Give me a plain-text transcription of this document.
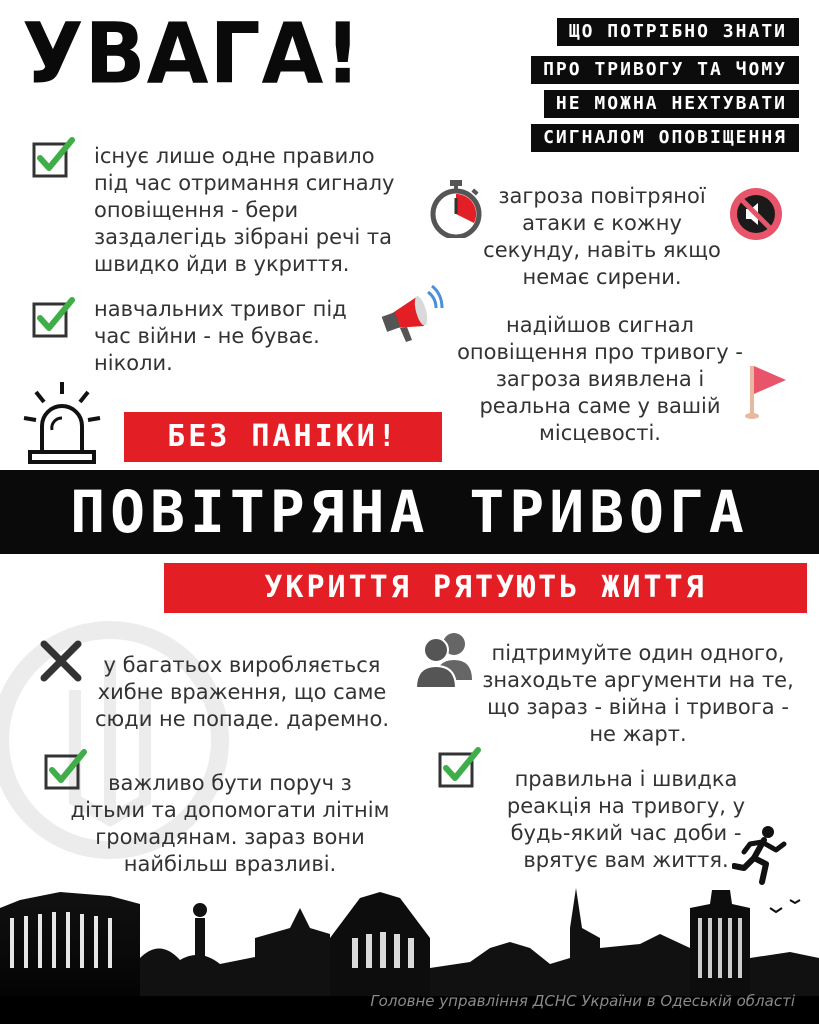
УВАГА!	ЩО ПОТРІБНО ЗНАТИ
ПРО ТРИВОГУ ТА ЧОМУ
НЕ МОЖНА НЕХТУВАТИ
СИГНАЛОМ ОПОВІЩЕННЯ
існує лише одне правило
під час отримання сигналу
оповіщення - бери
заздалегідь зібрані речі та
швидко йди в укриття.
навчальних тривог під
час війни - не буває.
ніколи.
загроза повітряної
атаки є кожну
секунду, навіть якщо
немає сирени.
надійшов сигнал
оповіщення про тривогу -
загроза виявлена і
реальна саме у вашій
місцевості.
БЕЗ ПАНІКИ!
ПОВІТРЯНА ТРИВОГА
УКРИТТЯ РЯТУЮТЬ ЖИТТЯ
у багатьох виробляється
хибне враження, що саме
сюди не попаде. даремно.
важливо бути поруч з
дітьми та допомогати літнім
громадянам. зараз вони
найбільш вразливі.
підтримуйте один одного,
знаходьте аргументи на те,
що зараз - війна і тривога -
не жарт.
правильна і швидка
реакція на тривогу, у
будь-який час доби -
врятує вам життя.
Головне управління ДСНС України в Одеській області
